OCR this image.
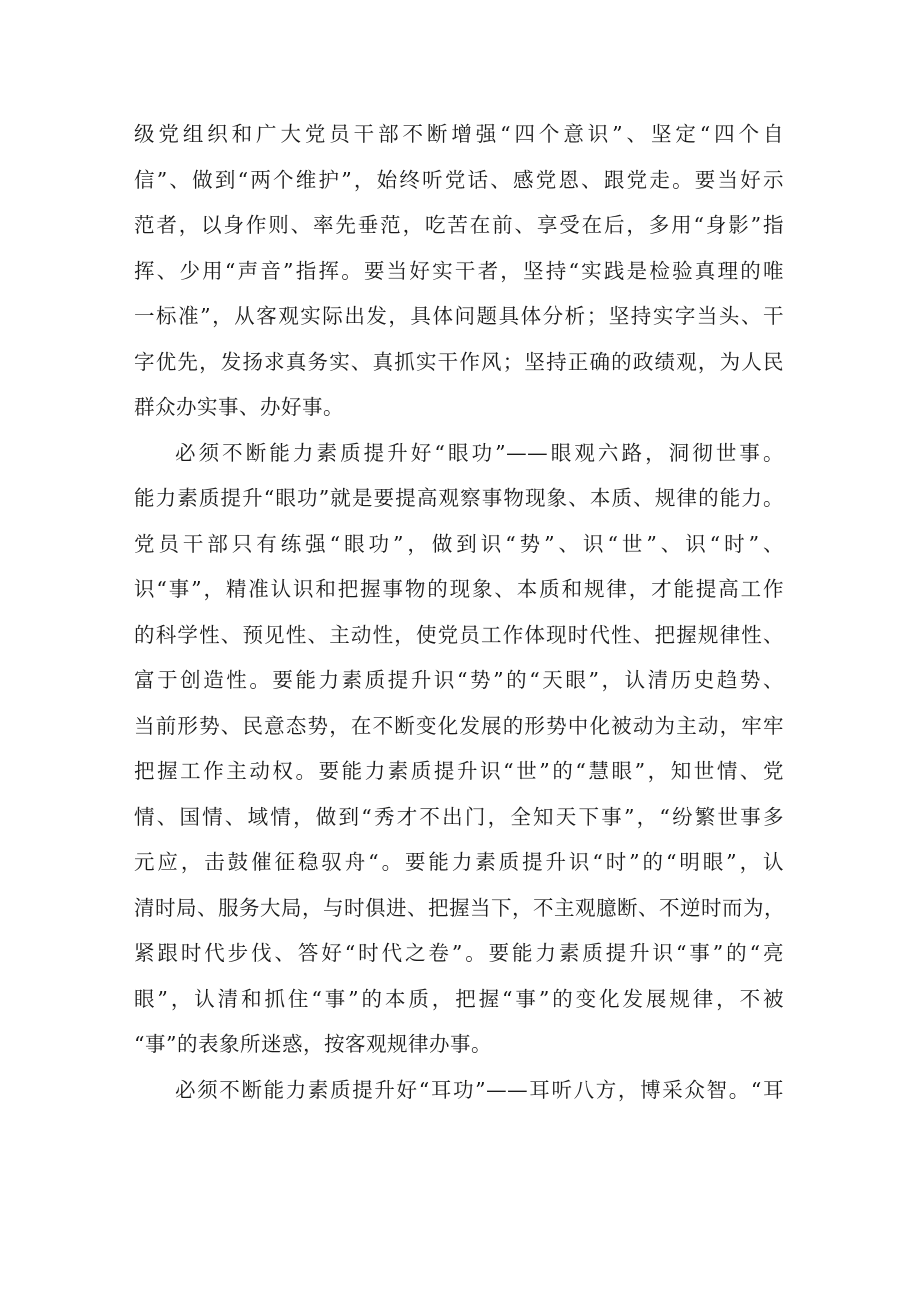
级党组织和广大党员干部不断增强“四个意识”、坚定“四个自
信”、做到“两个维护”，始终听党话、感党恩、跟党走。要当好示
范者，以身作则、率先垂范，吃苦在前、享受在后，多用“身影”指
挥、少用“声音”指挥。要当好实干者，坚持“实践是检验真理的唯
一标准”，从客观实际出发，具体问题具体分析；坚持实字当头、干
字优先，发扬求真务实、真抓实干作风；坚持正确的政绩观，为人民
群众办实事、办好事。
必须不断能力素质提升好“眼功”——眼观六路，洞彻世事。
能力素质提升“眼功”就是要提高观察事物现象、本质、规律的能力。
党员干部只有练强“眼功”，做到识“势”、识“世”、识“时”、
识“事”，精准认识和把握事物的现象、本质和规律，才能提高工作
的科学性、预见性、主动性，使党员工作体现时代性、把握规律性、
富于创造性。要能力素质提升识“势”的“天眼”，认清历史趋势、
当前形势、民意态势，在不断变化发展的形势中化被动为主动，牢牢
把握工作主动权。要能力素质提升识“世”的“慧眼”，知世情、党
情、国情、域情，做到“秀才不出门，全知天下事”，“纷繁世事多
元应，击鼓催征稳驭舟“。要能力素质提升识“时”的“明眼”，认
清时局、服务大局，与时俱进、把握当下，不主观臆断、不逆时而为，
紧跟时代步伐、答好“时代之卷”。要能力素质提升识“事”的“亮
眼”，认清和抓住“事”的本质，把握“事”的变化发展规律，不被
“事”的表象所迷惑，按客观规律办事。
必须不断能力素质提升好“耳功”——耳听八方，博采众智。“耳
